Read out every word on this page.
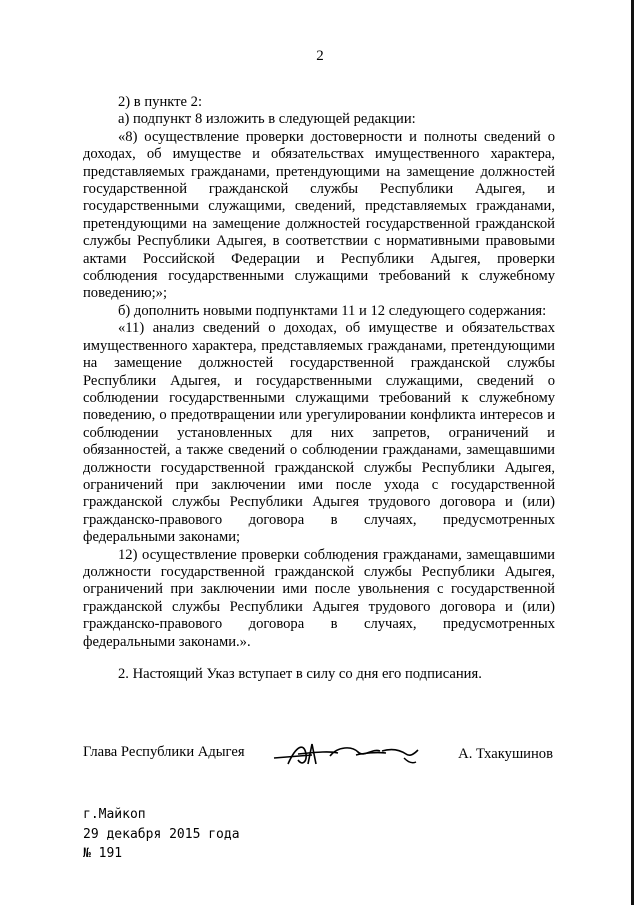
2

2) в пункте 2:

а) подпункт 8 изложить в следующей редакции:

«8) осуществление проверки достоверности и полноты сведений о доходах, об имуществе и обязательствах имущественного характера, представляемых гражданами, претендующими на замещение должностей государственной гражданской службы Республики Адыгея, и государственными служащими, сведений, представляемых гражданами, претендующими на замещение должностей государственной гражданской службы Республики Адыгея, в соответствии с нормативными правовыми актами Российской Федерации и Республики Адыгея, проверки соблюдения государственными служащими требований к служебному поведению;»;

б) дополнить новыми подпунктами 11 и 12 следующего содержания:

«11) анализ сведений о доходах, об имуществе и обязательствах имущественного характера, представляемых гражданами, претендующими на замещение должностей государственной гражданской службы Республики Адыгея, и государственными служащими, сведений о соблюдении государственными служащими требований к служебному поведению, о предотвращении или урегулировании конфликта интересов и соблюдении установленных для них запретов, ограничений и обязанностей, а также сведений о соблюдении гражданами, замещавшими должности государственной гражданской службы Республики Адыгея, ограничений при заключении ими после ухода с государственной гражданской службы Республики Адыгея трудового договора и (или) гражданско-правового договора в случаях, предусмотренных федеральными законами;

12) осуществление проверки соблюдения гражданами, замещавшими должности государственной гражданской службы Республики Адыгея, ограничений при заключении ими после увольнения с государственной гражданской службы Республики Адыгея трудового договора и (или) гражданско-правового договора в случаях, предусмотренных федеральными законами.».

2. Настоящий Указ вступает в силу со дня его подписания.

Глава Республики Адыгея	А. Тхакушинов
г.Майкоп
29 декабря 2015 года
№ 191
